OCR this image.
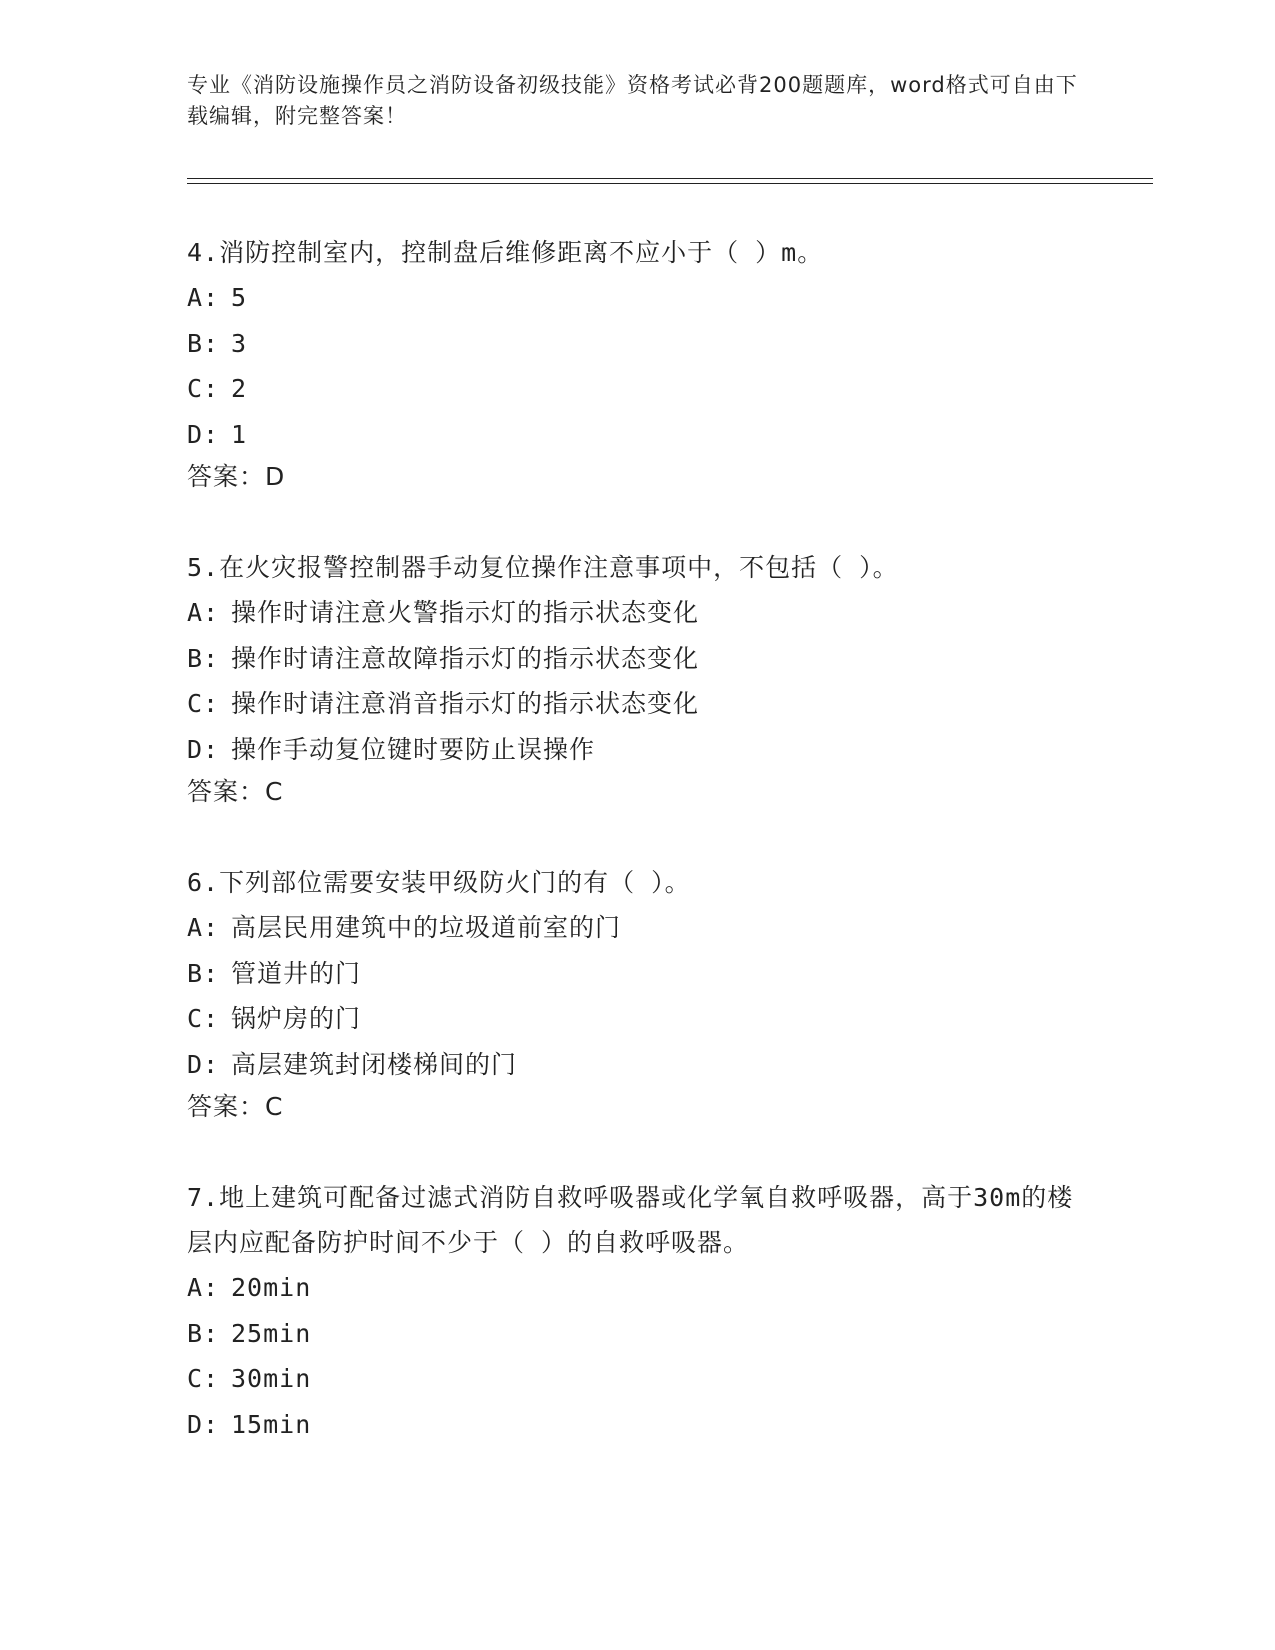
专业《消防设施操作员之消防设备初级技能》资格考试必背200题题库，word格式可自由下载编辑，附完整答案！

4.消防控制室内，控制盘后维修距离不应小于（ ）m。

A: 5
B: 3
C: 2
D: 1

答案：D

5.在火灾报警控制器手动复位操作注意事项中，不包括（ ）。

A: 操作时请注意火警指示灯的指示状态变化
B: 操作时请注意故障指示灯的指示状态变化
C: 操作时请注意消音指示灯的指示状态变化
D: 操作手动复位键时要防止误操作

答案：C

6.下列部位需要安装甲级防火门的有（ ）。

A: 高层民用建筑中的垃圾道前室的门
B: 管道井的门
C: 锅炉房的门
D: 高层建筑封闭楼梯间的门

答案：C

7.地上建筑可配备过滤式消防自救呼吸器或化学氧自救呼吸器，高于30m的楼层内应配备防护时间不少于（ ）的自救呼吸器。

A: 20min
B: 25min
C: 30min
D: 15min
